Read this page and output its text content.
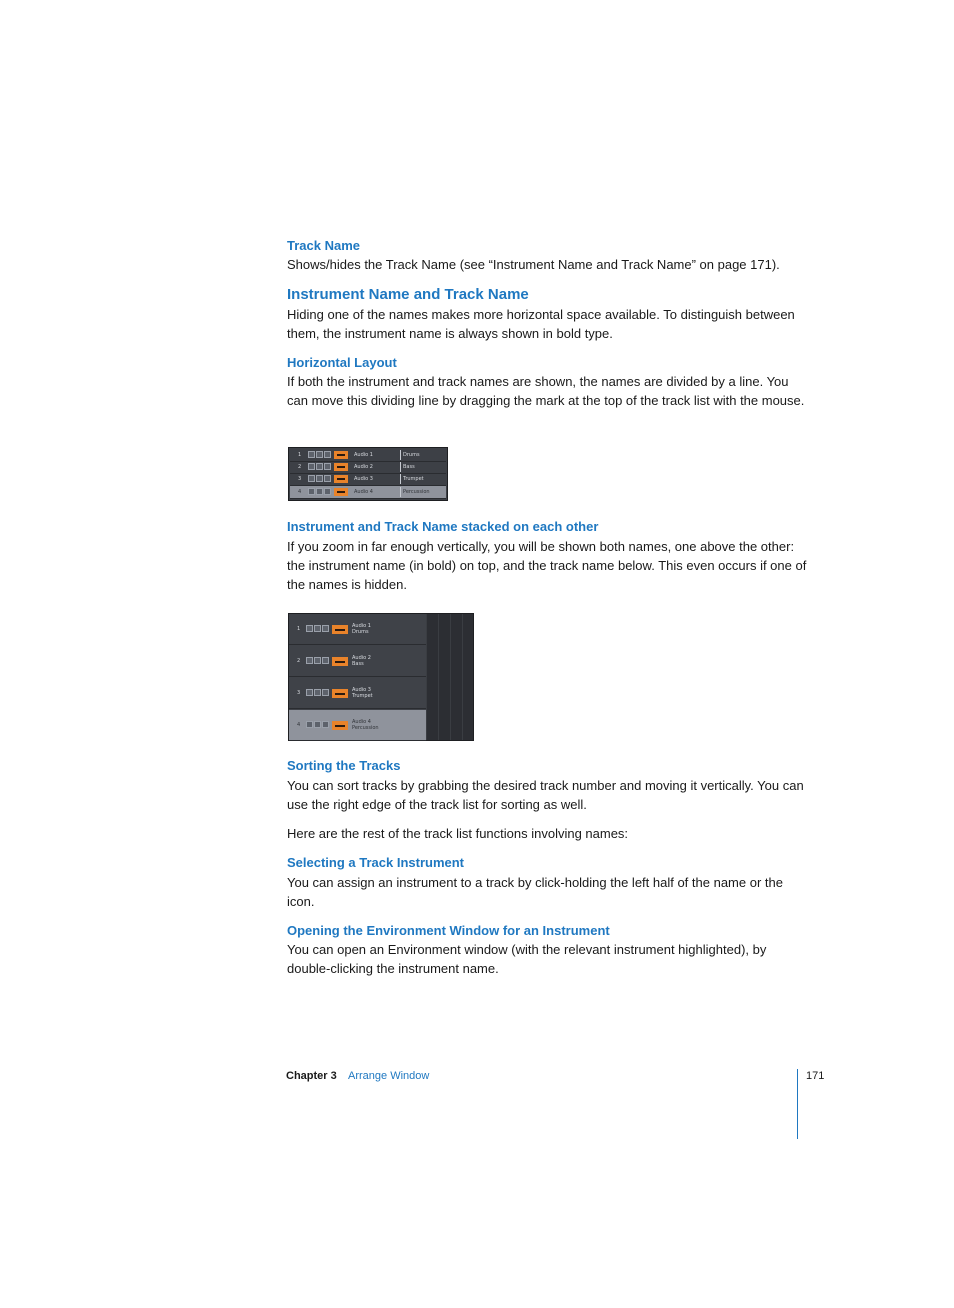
Track Name

Shows/hides the Track Name (see “Instrument Name and Track Name” on page 171).

Instrument Name and Track Name

Hiding one of the names makes more horizontal space available. To distinguish between them, the instrument name is always shown in bold type.

Horizontal Layout

If both the instrument and track names are shown, the names are divided by a line. You can move this dividing line by dragging the mark at the top of the track list with the mouse.

Instrument and Track Name stacked on each other

If you zoom in far enough vertically, you will be shown both names, one above the other: the instrument name (in bold) on top, and the track name below. This even occurs if one of the names is hidden.

Sorting the Tracks

You can sort tracks by grabbing the desired track number and moving it vertically. You can use the right edge of the track list for sorting as well.

Here are the rest of the track list functions involving names:

Selecting a Track Instrument

You can assign an instrument to a track by click-holding the left half of the name or the icon.

Opening the Environment Window for an Instrument

You can open an Environment window (with the relevant instrument highlighted), by double-clicking the instrument name.

1	Audio 1	Drums
2	Audio 2	Bass
3	Audio 3	Trumpet
4	Audio 4	Percussion
1	Audio 1
Drums
2	Audio 2
Bass
3	Audio 3
Trumpet
4	Audio 4
Percussion
Chapter 3 Arrange Window	171
